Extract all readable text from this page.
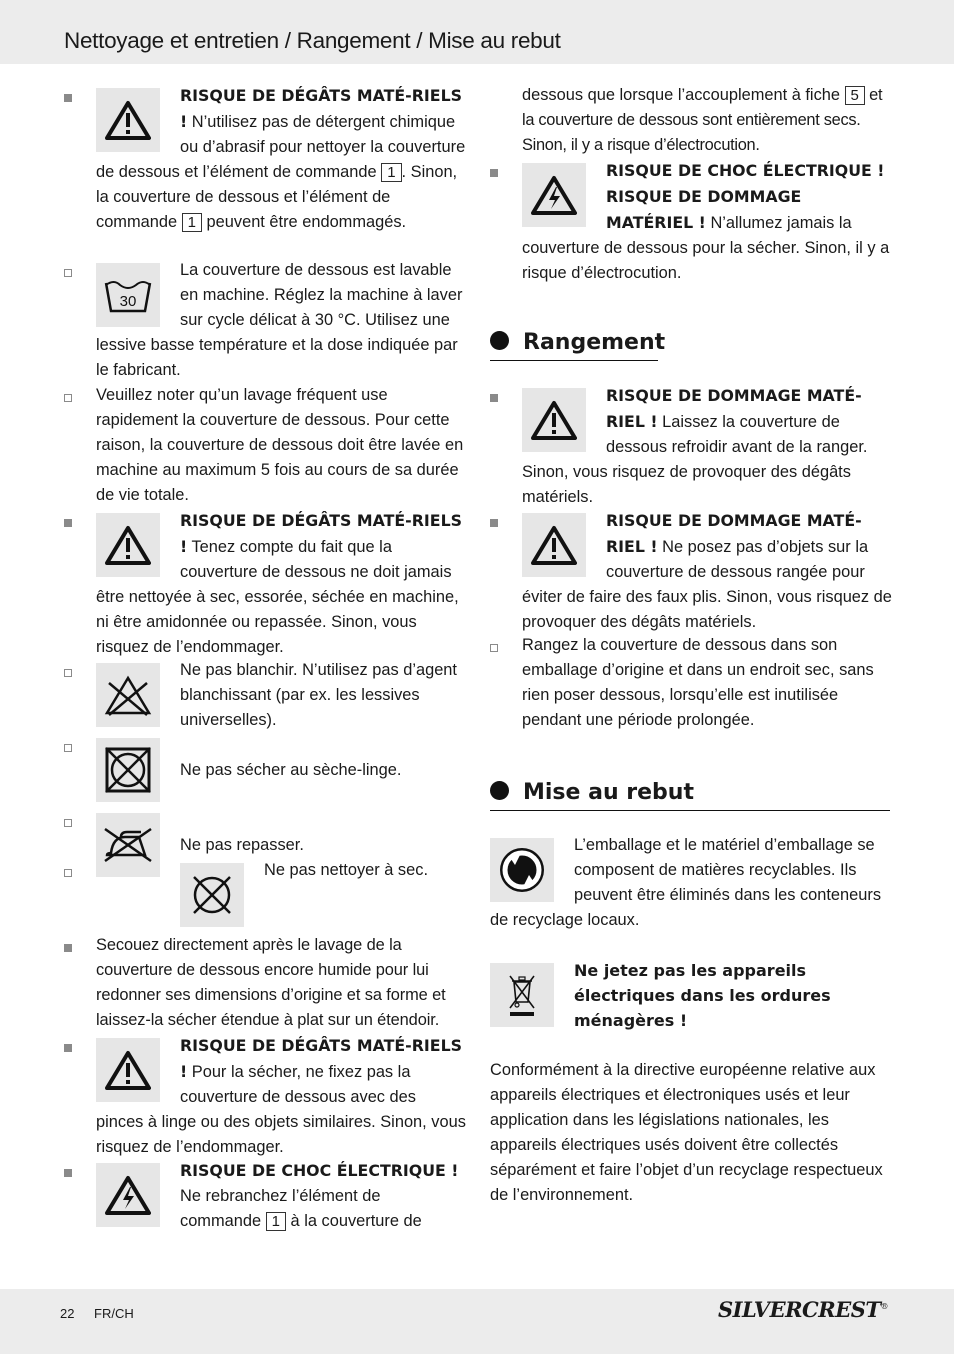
Nettoyage et entretien / Rangement / Mise au rebut

RISQUE DE DÉGÂTS MATÉ-RIELS ! N’utilisez pas de détergent chimique ou d’abrasif pour nettoyer la couverture de dessous et l’élément de commande 1 . Sinon, la couverture de dessous et l’élément de commande 1 peuvent être endommagés.

30

La couverture de dessous est lavable en machine. Réglez la machine à laver sur cycle délicat à 30 °C. Utilisez une lessive basse température et la dose indiquée par le fabricant.

Veuillez noter qu’un lavage fréquent use rapidement la couverture de dessous. Pour cette raison, la couverture de dessous doit être lavée en machine au maximum 5 fois au cours de sa durée de vie totale.

RISQUE DE DÉGÂTS MATÉ-RIELS ! Tenez compte du fait que la couverture de dessous ne doit jamais être nettoyée à sec, essorée, séchée en machine, ni être amidonnée ou repassée. Sinon, vous risquez de l’endommager.

Ne pas blanchir. N’utilisez pas d’agent blanchissant (par ex. les lessives universelles).

Ne pas sécher au sèche-linge.

Ne pas repasser.

Ne pas nettoyer à sec.

Secouez directement après le lavage de la couverture de dessous encore humide pour lui redonner ses dimensions d’origine et sa forme et laissez-la sécher étendue à plat sur un étendoir.

RISQUE DE DÉGÂTS MATÉ-RIELS ! Pour la sécher, ne fixez pas la couverture de dessous avec des pinces à linge ou des objets similaires. Sinon, vous risquez de l’endommager.

RISQUE DE CHOC ÉLECTRIQUE ! Ne rebranchez l’élément de commande 1 à la couverture de

dessous que lorsque l’accouplement à fiche 5 et la couverture de dessous sont entièrement secs. Sinon, il y a risque d’électrocution.

RISQUE DE CHOC ÉLECTRIQUE ! RISQUE DE DOMMAGE MATÉRIEL ! N’allumez jamais la couverture de dessous pour la sécher. Sinon, il y a risque d’électrocution.

Rangement

RISQUE DE DOMMAGE MATÉ-RIEL ! Laissez la couverture de dessous refroidir avant de la ranger. Sinon, vous risquez de provoquer des dégâts matériels.

RISQUE DE DOMMAGE MATÉ-RIEL ! Ne posez pas d’objets sur la couverture de dessous rangée pour éviter de faire des faux plis. Sinon, vous risquez de provoquer des dégâts matériels.

Rangez la couverture de dessous dans son emballage d’origine et dans un endroit sec, sans rien poser dessous, lorsqu’elle est inutilisée pendant une période prolongée.

Mise au rebut

L’emballage et le matériel d’emballage se composent de matières recyclables. Ils peuvent être éliminés dans les conteneurs de recyclage locaux.

Ne jetez pas les appareils électriques dans les ordures ménagères !

Conformément à la directive européenne relative aux appareils électriques et électroniques usés et leur application dans les législations nationales, les appareils électriques usés doivent être collectés séparément et faire l’objet d’un recyclage respectueux de l’environnement.

22 FR/CH	SILVERCREST®
